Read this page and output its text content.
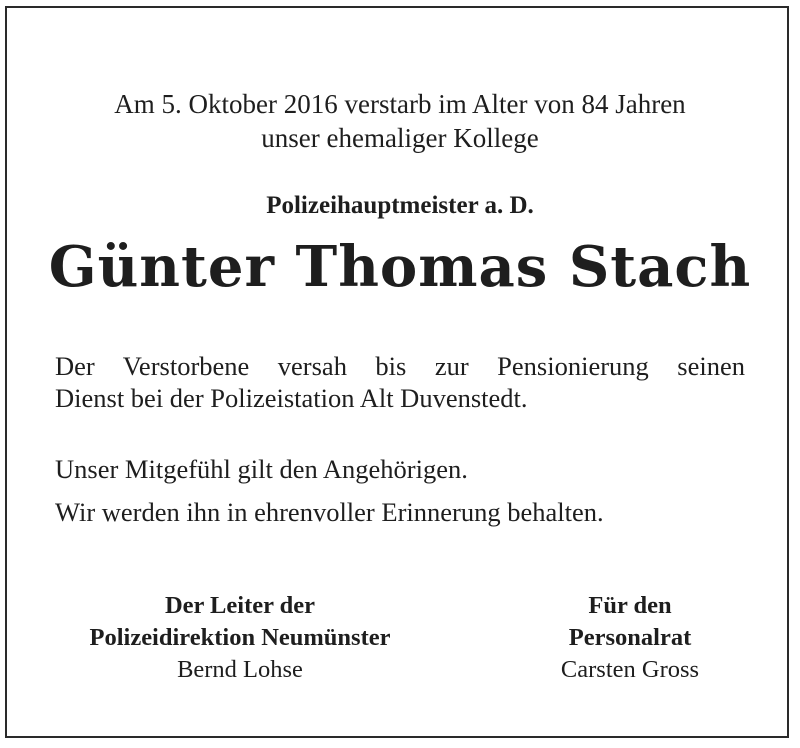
Am 5. Oktober 2016 verstarb im Alter von 84 Jahren
unser ehemaliger Kollege
Polizeihauptmeister a. D.
Günter Thomas Stach

Der Verstorbene versah bis zur Pensionierung seinen

Dienst bei der Polizeistation Alt Duvenstedt.

Unser Mitgefühl gilt den Angehörigen.

Wir werden ihn in ehrenvoller Erinnerung behalten.

Der Leiter der
Polizeidirektion Neumünster
Bernd Lohse
Für den
Personalrat
Carsten Gross
